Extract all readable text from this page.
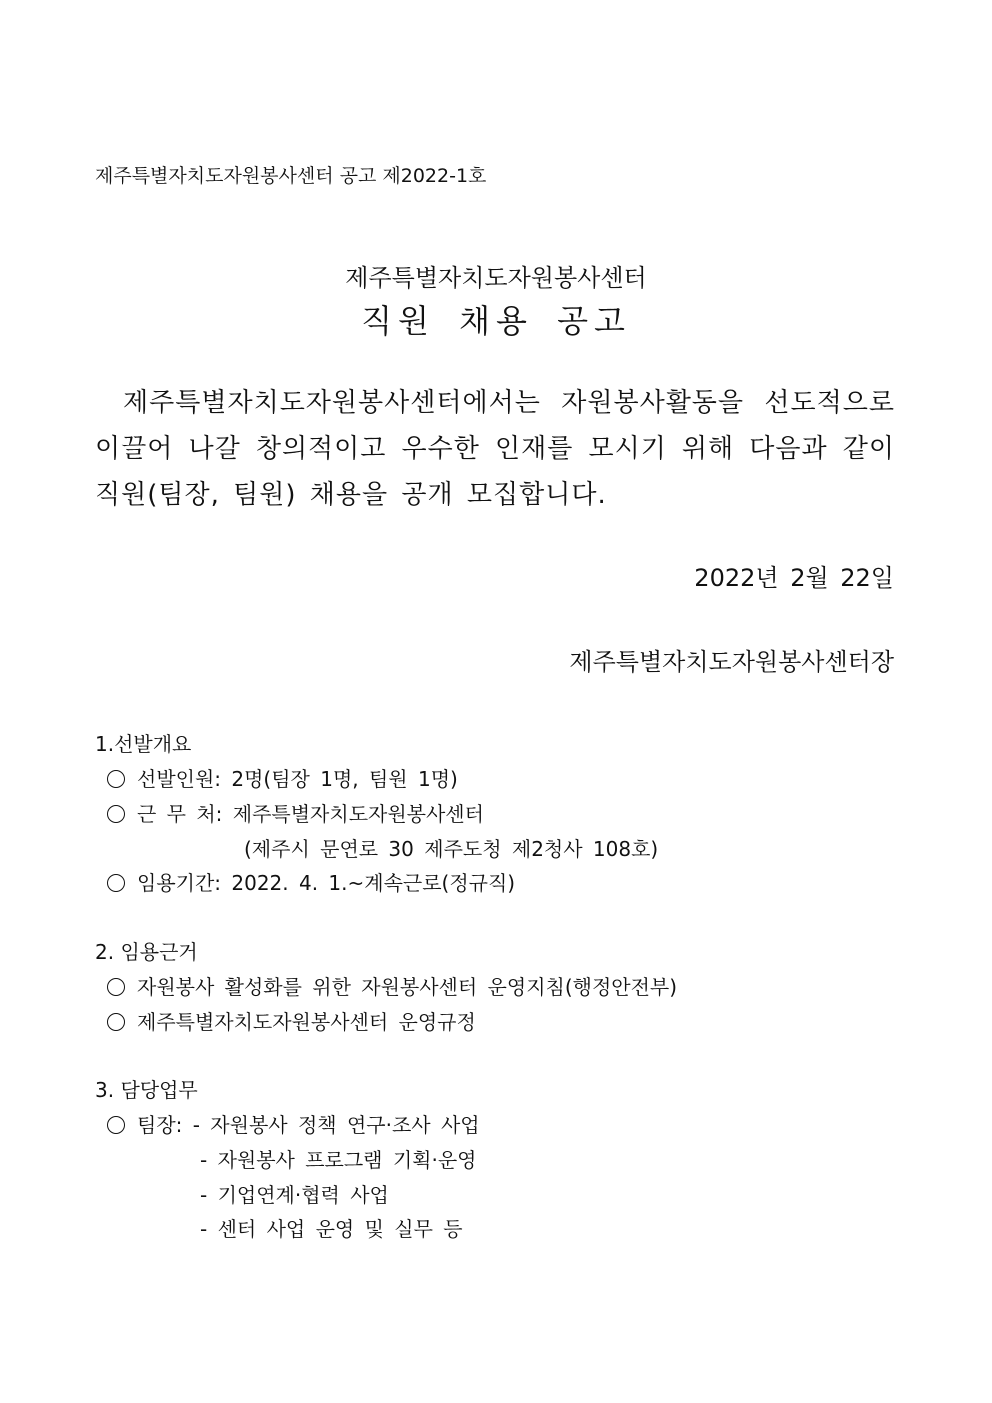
제주특별자치도자원봉사센터 공고 제2022-1호
제주특별자치도자원봉사센터
직원 채용 공고
제주특별자치도자원봉사센터에서는 자원봉사활동을 선도적으로 이끌어 나갈 창의적이고 우수한 인재를 모시기 위해 다음과 같이 직원(팀장, 팀원) 채용을 공개 모집합니다.
2022년 2월 22일
제주특별자치도자원봉사센터장
1.선발개요
선발인원: 2명(팀장 1명, 팀원 1명)
근 무 처: 제주특별자치도자원봉사센터
(제주시 문연로 30 제주도청 제2청사 108호)
임용기간: 2022. 4. 1.~계속근로(정규직)
2. 임용근거
자원봉사 활성화를 위한 자원봉사센터 운영지침(행정안전부)
제주특별자치도자원봉사센터 운영규정
3. 담당업무
팀장: - 자원봉사 정책 연구·조사 사업
- 자원봉사 프로그램 기획·운영
- 기업연계·협력 사업
- 센터 사업 운영 및 실무 등
